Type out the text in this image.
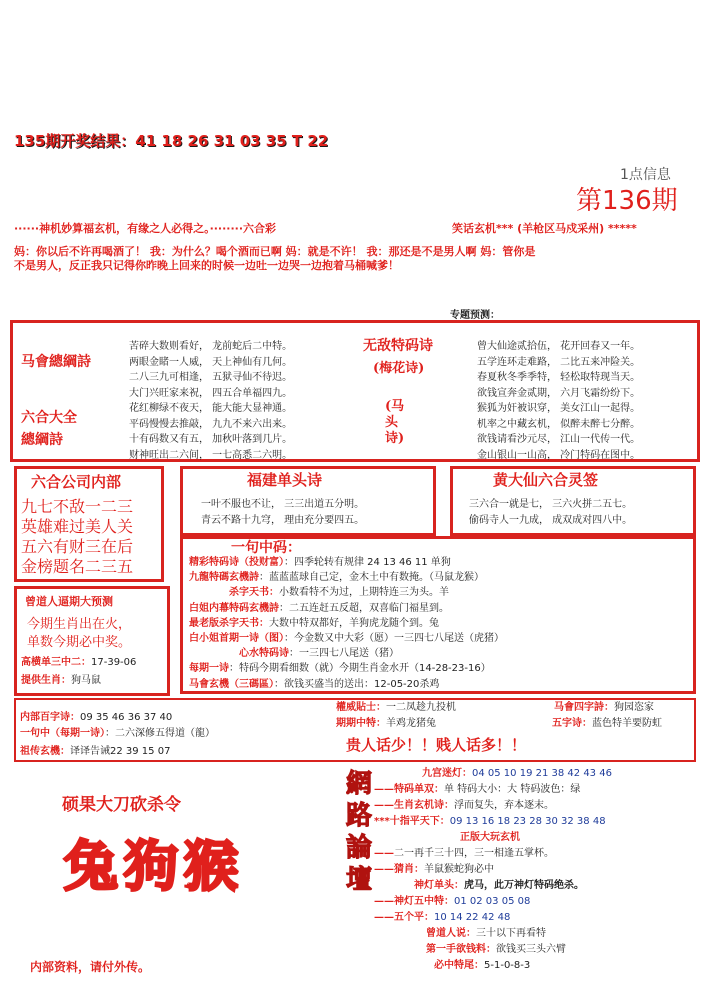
135期开奖结果：41 18 26 31 03 35 T 22
1点信息
第136期
······神机妙算福玄机，有缘之人必得之。········六合彩	笑话玄机*** (羊枪区马戍采州) *****
妈：你以后不许再喝酒了！ 我：为什么？喝个酒而已啊 妈：就是不许！ 我：那还是不是男人啊 妈：管你是
不是男人，反正我只记得你昨晚上回来的时候一边吐一边哭一边抱着马桶喊爹！
专题预测：
马會總綱詩
六合大全
總綱詩
苦碎大数则看好， 龙前蛇后二中特。
两眼金睹一人威， 天上神仙有几何。
二八三九可相逢， 五狱寻仙不待迟。
大门兴旺家来祝， 四五合单福四九。
花红柳绿不夜天， 能大能大显神通。
平码慢慢去推敲， 九九不来六出来。
十有码数又有五， 加秋叶落到几片。
财神旺出二六间， 一七高悉二六明。
无敌特码诗
(梅花诗)
(马头诗)
曾大仙途贰拾伍， 花开回春又一年。
五学连环走难路， 二比五来冲险关。
春夏秋冬季季特， 轻松取特现当天。
欲钱宣奔金贰期， 六月飞霜纷纷下。
猴狐为奸被识穿， 美女江山一起得。
机率之中藏玄机， 似醉未醉七分醉。
欲钱请看沙元尽， 江山一代传一代。
金山银山一山高， 冷门特码在图中。
六合公司内部
九七不敌一二三
英雄难过美人关
五六有财三在后
金榜题名二三五
福建单头诗
一叶不服也不让， 三三出道五分明。
青云不路十九穹， 理由充分要四五。
黄大仙六合灵签
三六合一就是七， 三六火拼二五七。
偷码寺人一九成， 成双成对四八中。
曾道人逼期大预测
今期生肖出在火，
单数今期必中奖。
高横单三中二：17-39-06
提供生肖：狗马鼠
一句中码：
精彩特码诗（投财富）：四季轮转有规律 24 13 46 11 单狗
九龍特碼玄機詩：蓝蓝蓝球自己定，金木土中有数掩。（马鼠龙猴）
杀字天书：小数看特不为过，上期特连三为头。羊
白姐内幕特码玄機詩：二五连赶五反超，双喜临门福星到。
最老版杀字天书：大数中特双都好，羊狗虎龙随个到。兔
白小姐首期一诗（图）：今金数又中大彩（愿）一三四七八尾送（虎猪）
心水特码诗：一三四七八尾送（猪）
每期一诗：特码今期看细数（就）今期生肖金水开（14-28-23-16）
马會玄機（三碼區）：欲钱买盛当的送出：12-05-20杀鸡
内部百字诗：09 35 46 36 37 40
一句中（每期一诗）：二六深修五得道（龍）
祖传玄機：译译告诫22 39 15 07
權威貼士：一二凤趁九投机
期期中特：羊鸡龙猪兔
贵人话少！！贱人话多！！
马會四字詩：狗园恣家
五字诗：蓝色特羊要防虹
硕果大刀砍杀令
兔狗猴
内部资料，请付外传。
網路論壇
九宫迷灯：04 05 10 19 21 38 42 43 46
——特码单双：单 特码大小：大 特码波色：绿
——生肖玄机诗：浮而复失，弃本逐末。
***十指平天下：09 13 16 18 23 28 30 32 38 48
正版大玩玄机
——二一再千三十四，三一相逢五掌杯。
——猜肖：羊鼠猴蛇狗必中
神灯单头：虎马，此万神灯特码绝杀。
——神灯五中特：01 02 03 05 08
——五个平：10 14 22 42 48
曾道人说：三十以下再看特
第一手欲钱料：欲钱买三头六臂
必中特尾：5-1-0-8-3
